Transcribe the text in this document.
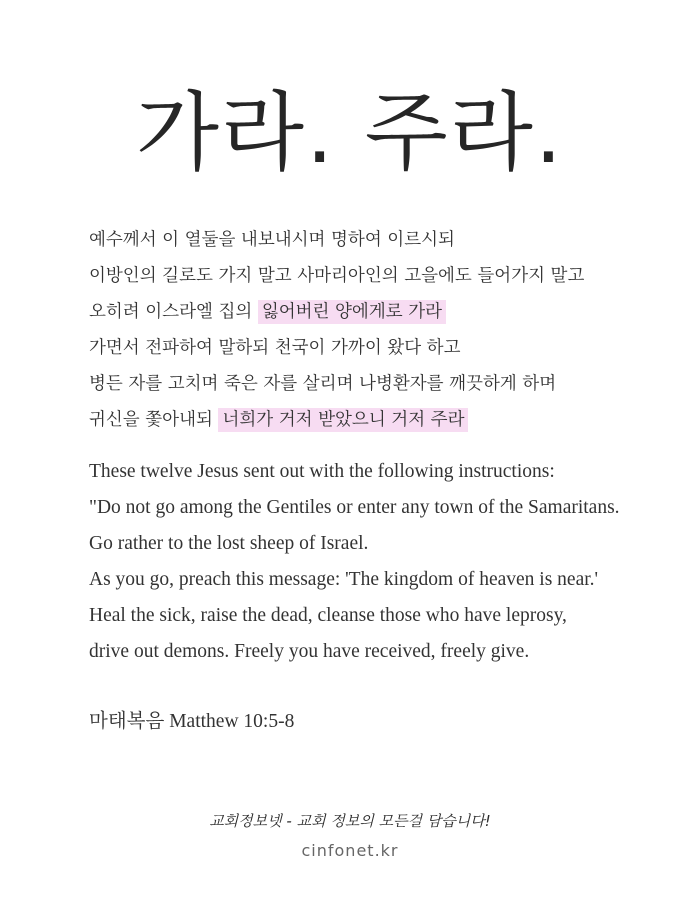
가라. 주라.
예수께서 이 열둘을 내보내시며 명하여 이르시되
이방인의 길로도 가지 말고 사마리아인의 고을에도 들어가지 말고
오히려 이스라엘 집의 잃어버린 양에게로 가라
가면서 전파하여 말하되 천국이 가까이 왔다 하고
병든 자를 고치며 죽은 자를 살리며 나병환자를 깨끗하게 하며
귀신을 쫓아내되 너희가 거저 받았으니 거저 주라
These twelve Jesus sent out with the following instructions:
"Do not go among the Gentiles or enter any town of the Samaritans.
Go rather to the lost sheep of Israel.
As you go, preach this message: 'The kingdom of heaven is near.'
Heal the sick, raise the dead, cleanse those who have leprosy,
drive out demons. Freely you have received, freely give.
마태복음 Matthew 10:5-8
교회정보넷 - 교회 정보의 모든걸 담습니다!
cinfonet.kr
